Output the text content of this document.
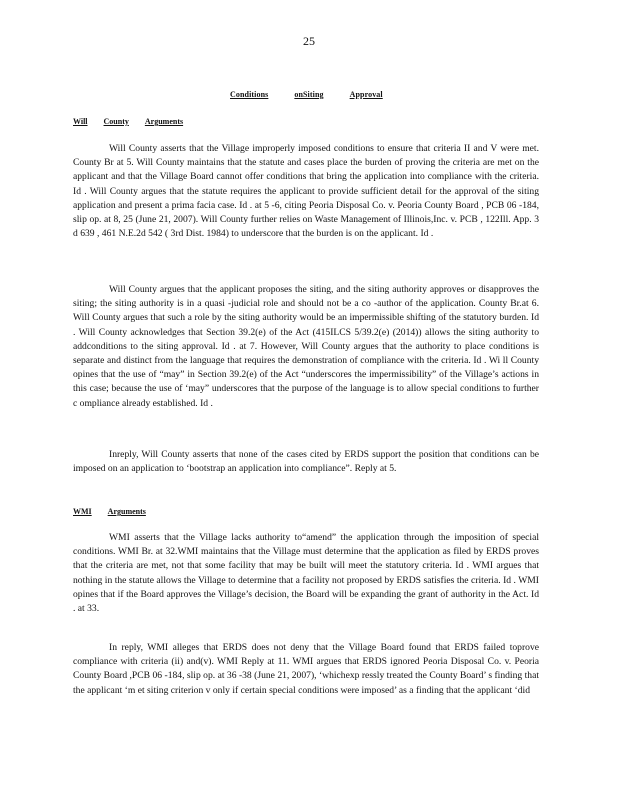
25
Conditions	onSiting	Approval
Will County Arguments

Will County asserts that the Village improperly imposed conditions to ensure that criteria II and V were met. County Br at 5. Will County maintains that the statute and cases place the burden of proving the criteria are met on the applicant and that the Village Board cannot offer conditions that bring the application into compliance with the criteria. Id . Will County argues that the statute requires the applicant to provide sufficient detail for the approval of the siting application and present a prima facia case. Id . at 5 -6, citing Peoria Disposal Co. v. Peoria County Board , PCB 06 -184, slip op. at 8, 25 (June 21, 2007). Will County further relies on Waste Management of Illinois,Inc. v. PCB , 122Ill. App. 3 d 639 , 461 N.E.2d 542 ( 3rd Dist. 1984) to underscore that the burden is on the applicant. Id .

Will County argues that the applicant proposes the siting, and the siting authority approves or disapproves the siting; the siting authority is in a quasi -judicial role and should not be a co -author of the application. County Br.at 6. Will County argues that such a role by the siting authority would be an impermissible shifting of the statutory burden. Id . Will County acknowledges that Section 39.2(e) of the Act (415ILCS 5/39.2(e) (2014)) allows the siting authority to addconditions to the siting approval. Id . at 7. However, Will County argues that the authority to place conditions is separate and distinct from the language that requires the demonstration of compliance with the criteria. Id . Wi ll County opines that the use of “may” in Section 39.2(e) of the Act “underscores the impermissibility” of the Village’s actions in this case; because the use of ‘may” underscores that the purpose of the language is to allow special conditions to further c ompliance already established. Id .

Inreply, Will County asserts that none of the cases cited by ERDS support the position that conditions can be imposed on an application to ‘bootstrap an application into compliance”. Reply at 5.

WMI Arguments

WMI asserts that the Village lacks authority to“amend” the application through the imposition of special conditions. WMI Br. at 32.WMI maintains that the Village must determine that the application as filed by ERDS proves that the criteria are met, not that some facility that may be built will meet the statutory criteria. Id . WMI argues that nothing in the statute allows the Village to determine that a facility not proposed by ERDS satisfies the criteria. Id . WMI opines that if the Board approves the Village’s decision, the Board will be expanding the grant of authority in the Act. Id . at 33.

In reply, WMI alleges that ERDS does not deny that the Village Board found that ERDS failed toprove compliance with criteria (ii) and(v). WMI Reply at 11. WMI argues that ERDS ignored Peoria Disposal Co. v. Peoria County Board ,PCB 06 -184, slip op. at 36 -38 (June 21, 2007), ‘whichexp ressly treated the County Board’ s finding that the applicant ‘m et siting criterion v only if certain special conditions were imposed’ as a finding that the applicant ‘did
